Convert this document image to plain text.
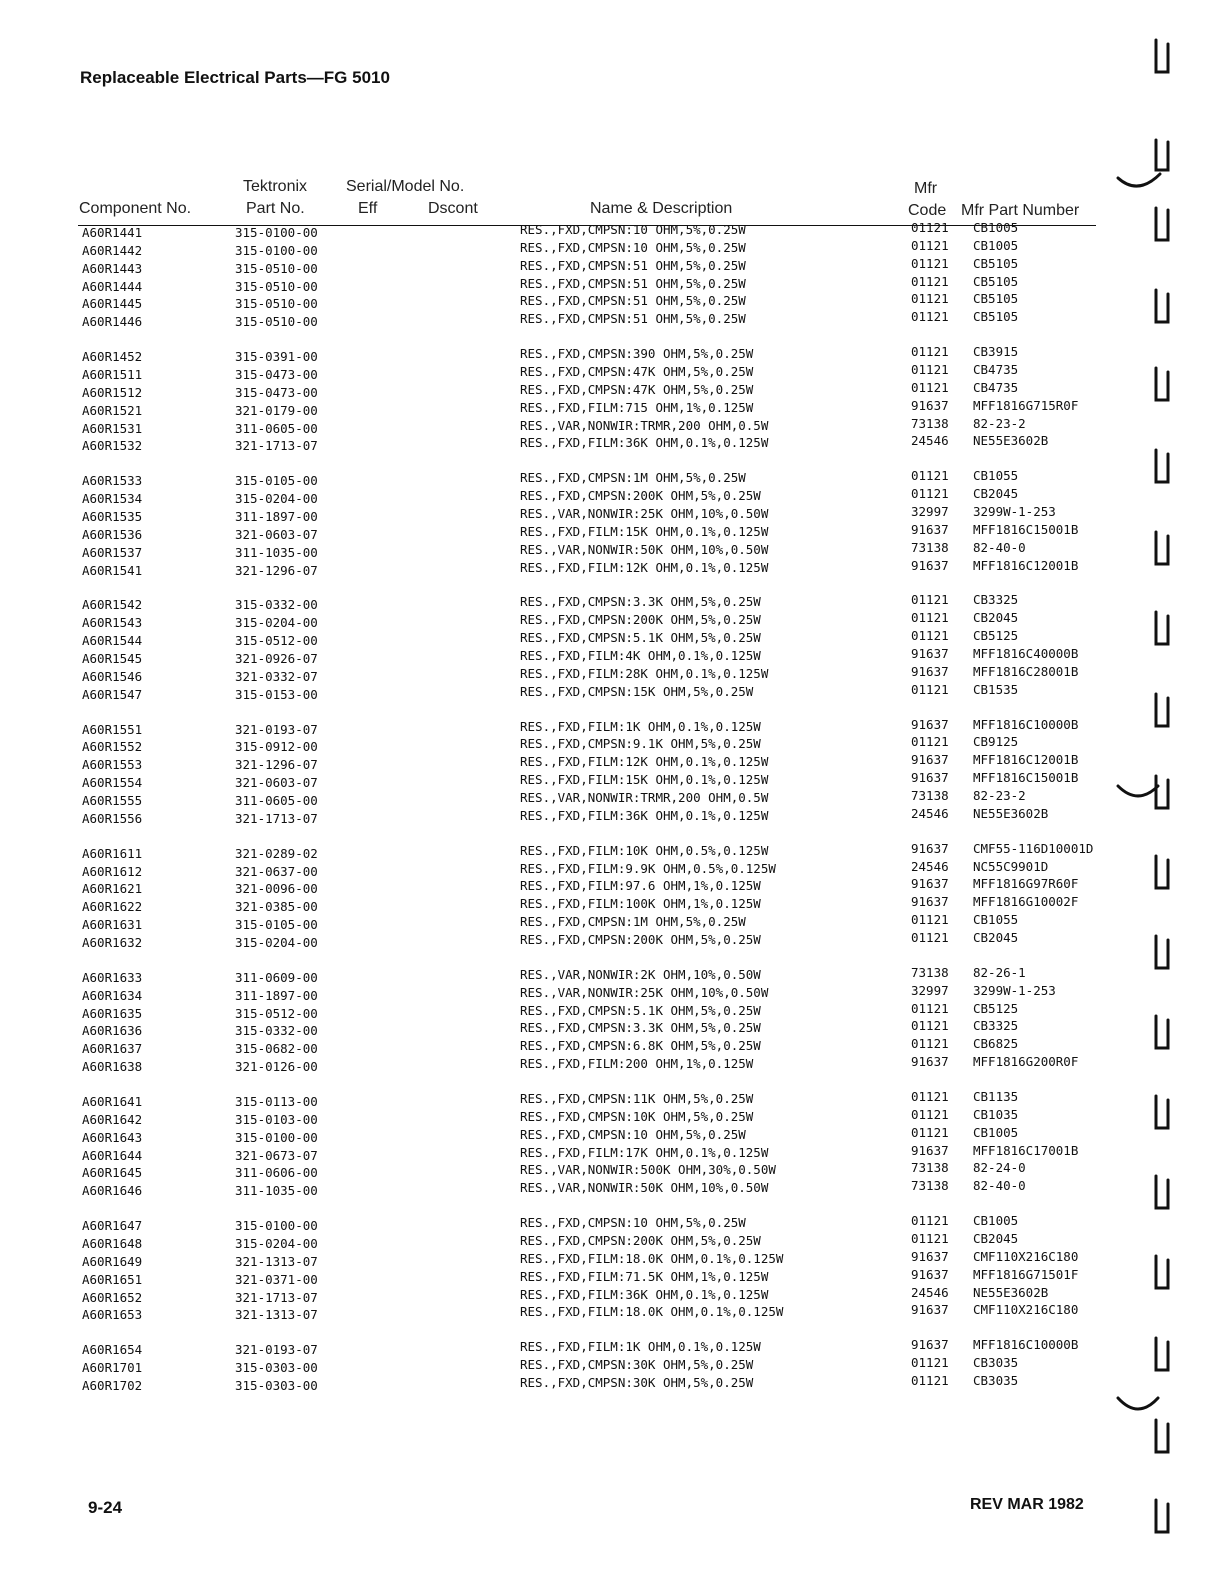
Replaceable Electrical Parts—FG 5010
Tektronix Serial/Model No.	Mfr
Component No.	Part No.	Eff	Dscont	Name & Description	Code Mfr Part Number
A60R1441	315-0100-00	RES.,FXD,CMPSN:10 OHM,5%,0.25W	01121 CB1005
A60R1442	315-0100-00	RES.,FXD,CMPSN:10 OHM,5%,0.25W	01121 CB1005
A60R1443	315-0510-00	RES.,FXD,CMPSN:51 OHM,5%,0.25W	01121 CB5105
A60R1444	315-0510-00	RES.,FXD,CMPSN:51 OHM,5%,0.25W	01121 CB5105
A60R1445	315-0510-00	RES.,FXD,CMPSN:51 OHM,5%,0.25W	01121 CB5105
A60R1446	315-0510-00	RES.,FXD,CMPSN:51 OHM,5%,0.25W	01121 CB5105
A60R1452	315-0391-00	RES.,FXD,CMPSN:390 OHM,5%,0.25W	01121 CB3915
A60R1511	315-0473-00	RES.,FXD,CMPSN:47K OHM,5%,0.25W	01121 CB4735
A60R1512	315-0473-00	RES.,FXD,CMPSN:47K OHM,5%,0.25W	01121 CB4735
A60R1521	321-0179-00	RES.,FXD,FILM:715 OHM,1%,0.125W	91637 MFF1816G715R0F
A60R1531	311-0605-00	RES.,VAR,NONWIR:TRMR,200 OHM,0.5W	73138 82-23-2
A60R1532	321-1713-07	RES.,FXD,FILM:36K OHM,0.1%,0.125W	24546 NE55E3602B
A60R1533	315-0105-00	RES.,FXD,CMPSN:1M OHM,5%,0.25W	01121 CB1055
A60R1534	315-0204-00	RES.,FXD,CMPSN:200K OHM,5%,0.25W	01121 CB2045
A60R1535	311-1897-00	RES.,VAR,NONWIR:25K OHM,10%,0.50W	32997 3299W-1-253
A60R1536	321-0603-07	RES.,FXD,FILM:15K OHM,0.1%,0.125W	91637 MFF1816C15001B
A60R1537	311-1035-00	RES.,VAR,NONWIR:50K OHM,10%,0.50W	73138 82-40-0
A60R1541	321-1296-07	RES.,FXD,FILM:12K OHM,0.1%,0.125W	91637 MFF1816C12001B
A60R1542	315-0332-00	RES.,FXD,CMPSN:3.3K OHM,5%,0.25W	01121 CB3325
A60R1543	315-0204-00	RES.,FXD,CMPSN:200K OHM,5%,0.25W	01121 CB2045
A60R1544	315-0512-00	RES.,FXD,CMPSN:5.1K OHM,5%,0.25W	01121 CB5125
A60R1545	321-0926-07	RES.,FXD,FILM:4K OHM,0.1%,0.125W	91637 MFF1816C40000B
A60R1546	321-0332-07	RES.,FXD,FILM:28K OHM,0.1%,0.125W	91637 MFF1816C28001B
A60R1547	315-0153-00	RES.,FXD,CMPSN:15K OHM,5%,0.25W	01121 CB1535
A60R1551	321-0193-07	RES.,FXD,FILM:1K OHM,0.1%,0.125W	91637 MFF1816C10000B
A60R1552	315-0912-00	RES.,FXD,CMPSN:9.1K OHM,5%,0.25W	01121 CB9125
A60R1553	321-1296-07	RES.,FXD,FILM:12K OHM,0.1%,0.125W	91637 MFF1816C12001B
A60R1554	321-0603-07	RES.,FXD,FILM:15K OHM,0.1%,0.125W	91637 MFF1816C15001B
A60R1555	311-0605-00	RES.,VAR,NONWIR:TRMR,200 OHM,0.5W	73138 82-23-2
A60R1556	321-1713-07	RES.,FXD,FILM:36K OHM,0.1%,0.125W	24546 NE55E3602B
A60R1611	321-0289-02	RES.,FXD,FILM:10K OHM,0.5%,0.125W	91637 CMF55-116D10001D
A60R1612	321-0637-00	RES.,FXD,FILM:9.9K OHM,0.5%,0.125W	24546 NC55C9901D
A60R1621	321-0096-00	RES.,FXD,FILM:97.6 OHM,1%,0.125W	91637 MFF1816G97R60F
A60R1622	321-0385-00	RES.,FXD,FILM:100K OHM,1%,0.125W	91637 MFF1816G10002F
A60R1631	315-0105-00	RES.,FXD,CMPSN:1M OHM,5%,0.25W	01121 CB1055
A60R1632	315-0204-00	RES.,FXD,CMPSN:200K OHM,5%,0.25W	01121 CB2045
A60R1633	311-0609-00	RES.,VAR,NONWIR:2K OHM,10%,0.50W	73138 82-26-1
A60R1634	311-1897-00	RES.,VAR,NONWIR:25K OHM,10%,0.50W	32997 3299W-1-253
A60R1635	315-0512-00	RES.,FXD,CMPSN:5.1K OHM,5%,0.25W	01121 CB5125
A60R1636	315-0332-00	RES.,FXD,CMPSN:3.3K OHM,5%,0.25W	01121 CB3325
A60R1637	315-0682-00	RES.,FXD,CMPSN:6.8K OHM,5%,0.25W	01121 CB6825
A60R1638	321-0126-00	RES.,FXD,FILM:200 OHM,1%,0.125W	91637 MFF1816G200R0F
A60R1641	315-0113-00	RES.,FXD,CMPSN:11K OHM,5%,0.25W	01121 CB1135
A60R1642	315-0103-00	RES.,FXD,CMPSN:10K OHM,5%,0.25W	01121 CB1035
A60R1643	315-0100-00	RES.,FXD,CMPSN:10 OHM,5%,0.25W	01121 CB1005
A60R1644	321-0673-07	RES.,FXD,FILM:17K OHM,0.1%,0.125W	91637 MFF1816C17001B
A60R1645	311-0606-00	RES.,VAR,NONWIR:500K OHM,30%,0.50W	73138 82-24-0
A60R1646	311-1035-00	RES.,VAR,NONWIR:50K OHM,10%,0.50W	73138 82-40-0
A60R1647	315-0100-00	RES.,FXD,CMPSN:10 OHM,5%,0.25W	01121 CB1005
A60R1648	315-0204-00	RES.,FXD,CMPSN:200K OHM,5%,0.25W	01121 CB2045
A60R1649	321-1313-07	RES.,FXD,FILM:18.0K OHM,0.1%,0.125W	91637 CMF110X216C180
A60R1651	321-0371-00	RES.,FXD,FILM:71.5K OHM,1%,0.125W	91637 MFF1816G71501F
A60R1652	321-1713-07	RES.,FXD,FILM:36K OHM,0.1%,0.125W	24546 NE55E3602B
A60R1653	321-1313-07	RES.,FXD,FILM:18.0K OHM,0.1%,0.125W	91637 CMF110X216C180
A60R1654	321-0193-07	RES.,FXD,FILM:1K OHM,0.1%,0.125W	91637 MFF1816C10000B
A60R1701	315-0303-00	RES.,FXD,CMPSN:30K OHM,5%,0.25W	01121 CB3035
A60R1702	315-0303-00	RES.,FXD,CMPSN:30K OHM,5%,0.25W	01121 CB3035
9-24	REV MAR 1982
